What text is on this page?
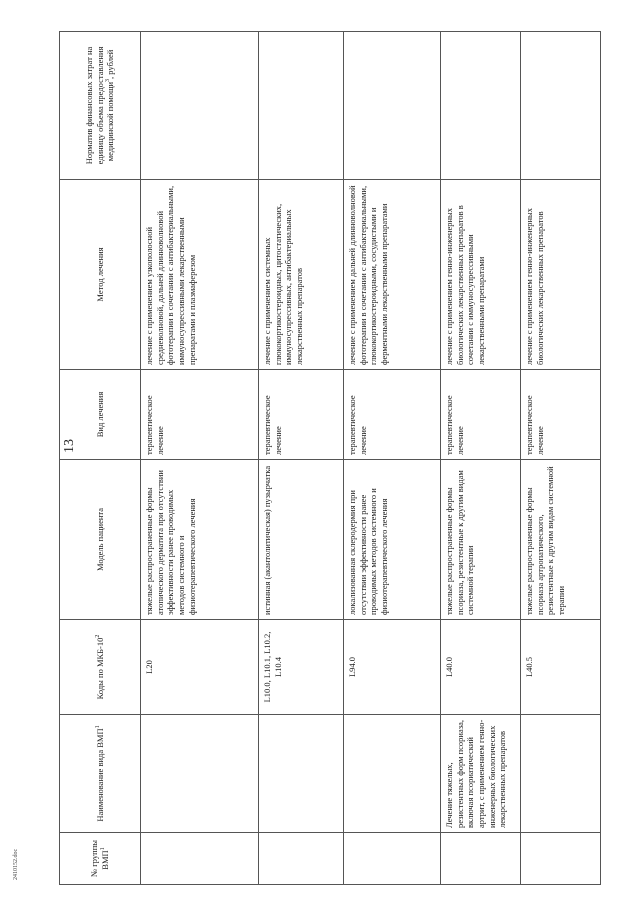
13
2410152.doc	№ группы ВМП$^1$	Наименование вида ВМП$^1$	Коды по МКБ-$10^2$	Модель пациента	Вид лечения	Метод лечения	Норматив финансовых затрат на единицу объема предоставления медицинской помощи$^3$, рублей
		L20	тяжелые распространенные формы атопического дерматита при отсутствии эффективности ранее проводимых методов системного и физиотерапевтического лечения	терапевтическое лечение	лечение с применением узкополосной средневолновой, дальней длинноволновой фототерапии в сочетании с антибактериальными, иммуносупрессивными лекарственными препаратами и плазмаферезом	
		L10.0, L10.1, L10.2, L10.4	истинная (акантолитическая) пузырчатка	терапевтическое лечение	лечение с применением системных глюкокортикостероидных, цитостатических, иммуносупрессивных, антибактериальных лекарственных препаратов	
		L94.0	локализованная склеродермия при отсутствии эффективности ранее проводимых методов системного и физиотерапевтического лечения	терапевтическое лечение	лечение с применением дальней длинноволновой фототерапии в сочетании с антибактериальными, глюкокортикостероидными, сосудистыми и ферментными лекарственными препаратами	
	Лечение тяжелых, резистентных форм псориаза, включая псориатический артрит, с применением генно-инженерных биологических лекарственных препаратов	L40.0	тяжелые распространенные формы псориаза, резистентные к другим видам системной терапии	терапевтическое лечение	лечение с применением генно-инженерных биологических лекарственных препаратов в сочетании с иммуносупрессивными лекарственными препаратами	
		L40.5	тяжелые распространенные формы псориаза артропатического, резистентные к другим видам системной терапии	терапевтическое лечение	лечение с применением генно-инженерных биологических лекарственных препаратов	
